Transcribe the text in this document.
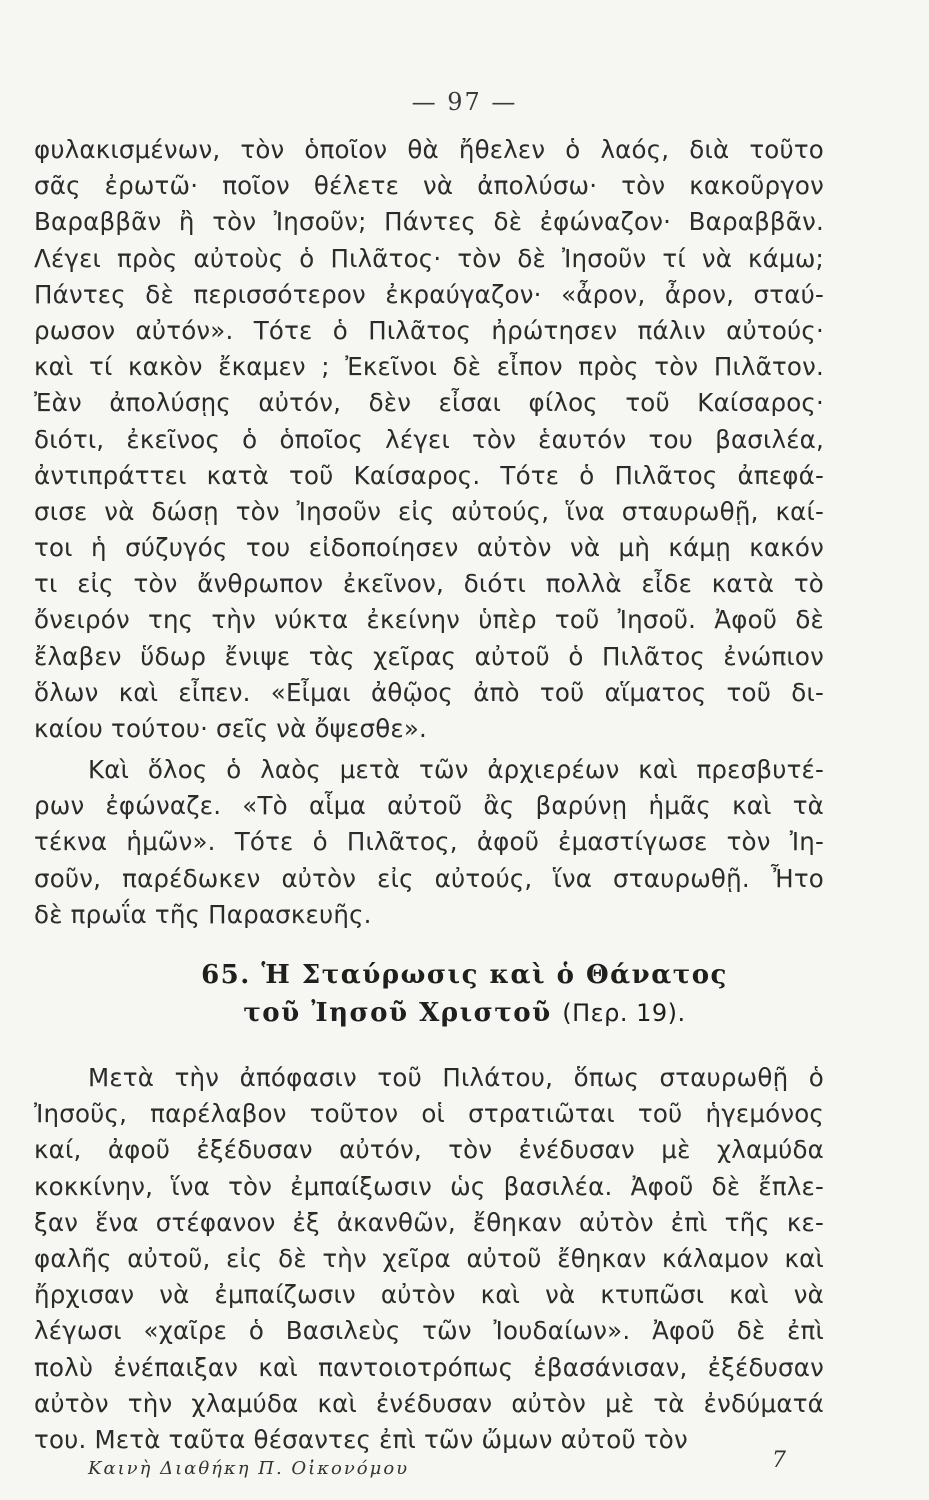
— 97 —
φυλακισμένων, τὸν ὁποῖον θὰ ἤθελεν ὁ λαός, διὰ τοῦτο
σᾶς ἐρωτῶ· ποῖον θέλετε νὰ ἀπολύσω· τὸν κακοῦργον
Βαραββᾶν ἢ τὸν Ἰησοῦν; Πάντες δὲ ἐφώναζον· Βαραββᾶν.
Λέγει πρὸς αὐτοὺς ὁ Πιλᾶτος· τὸν δὲ Ἰησοῦν τί νὰ κάμω;
Πάντες δὲ περισσότερον ἐκραύγαζον· «ἆρον, ἆρον, σταύ-
ρωσον αὐτόν». Τότε ὁ Πιλᾶτος ἠρώτησεν πάλιν αὐτούς·
καὶ τί κακὸν ἔκαμεν ; Ἐκεῖνοι δὲ εἶπον πρὸς τὸν Πιλᾶτον.
Ἐὰν ἀπολύσῃς αὐτόν, δὲν εἶσαι φίλος τοῦ Καίσαρος·
διότι, ἐκεῖνος ὁ ὁποῖος λέγει τὸν ἑαυτόν του βασιλέα,
ἀντιπράττει κατὰ τοῦ Καίσαρος. Τότε ὁ Πιλᾶτος ἀπεφά-
σισε νὰ δώσῃ τὸν Ἰησοῦν εἰς αὐτούς, ἵνα σταυρωθῇ, καί-
τοι ἡ σύζυγός του εἰδοποίησεν αὐτὸν νὰ μὴ κάμῃ κακόν
τι εἰς τὸν ἄνθρωπον ἐκεῖνον, διότι πολλὰ εἶδε κατὰ τὸ
ὄνειρόν της τὴν νύκτα ἐκείνην ὑπὲρ τοῦ Ἰησοῦ. Ἀφοῦ δὲ
ἔλαβεν ὕδωρ ἔνιψε τὰς χεῖρας αὐτοῦ ὁ Πιλᾶτος ἐνώπιον
ὅλων καὶ εἶπεν. «Εἶμαι ἀθῷος ἀπὸ τοῦ αἵματος τοῦ δι-
καίου τούτου· σεῖς νὰ ὄψεσθε».
Καὶ ὅλος ὁ λαὸς μετὰ τῶν ἀρχιερέων καὶ πρεσβυτέ-
ρων ἐφώναζε. «Τὸ αἷμα αὐτοῦ ἂς βαρύνῃ ἡμᾶς καὶ τὰ
τέκνα ἡμῶν». Τότε ὁ Πιλᾶτος, ἀφοῦ ἐμαστίγωσε τὸν Ἰη-
σοῦν, παρέδωκεν αὐτὸν εἰς αὐτούς, ἵνα σταυρωθῇ. Ἦτο
δὲ πρωΐα τῆς Παρασκευῆς.
65. Ἡ Σταύρωσις καὶ ὁ Θάνατος
τοῦ Ἰησοῦ Χριστοῦ (Περ. 19).
Μετὰ τὴν ἀπόφασιν τοῦ Πιλάτου, ὅπως σταυρωθῇ ὁ
Ἰησοῦς, παρέλαβον τοῦτον οἱ στρατιῶται τοῦ ἡγεμόνος
καί, ἀφοῦ ἐξέδυσαν αὐτόν, τὸν ἐνέδυσαν μὲ χλαμύδα
κοκκίνην, ἵνα τὸν ἐμπαίξωσιν ὡς βασιλέα. Ἀφοῦ δὲ ἔπλε-
ξαν ἕνα στέφανον ἐξ ἀκανθῶν, ἔθηκαν αὐτὸν ἐπὶ τῆς κε-
φαλῆς αὐτοῦ, εἰς δὲ τὴν χεῖρα αὐτοῦ ἔθηκαν κάλαμον καὶ
ἤρχισαν νὰ ἐμπαίζωσιν αὐτὸν καὶ νὰ κτυπῶσι καὶ νὰ
λέγωσι «χαῖρε ὁ Βασιλεὺς τῶν Ἰουδαίων». Ἀφοῦ δὲ ἐπὶ
πολὺ ἐνέπαιξαν καὶ παντοιοτρόπως ἐβασάνισαν, ἐξέδυσαν
αὐτὸν τὴν χλαμύδα καὶ ἐνέδυσαν αὐτὸν μὲ τὰ ἐνδύματά
του. Μετὰ ταῦτα θέσαντες ἐπὶ τῶν ὤμων αὐτοῦ τὸν
Καινὴ Διαθήκη Π. Οἰκονόμου	7
